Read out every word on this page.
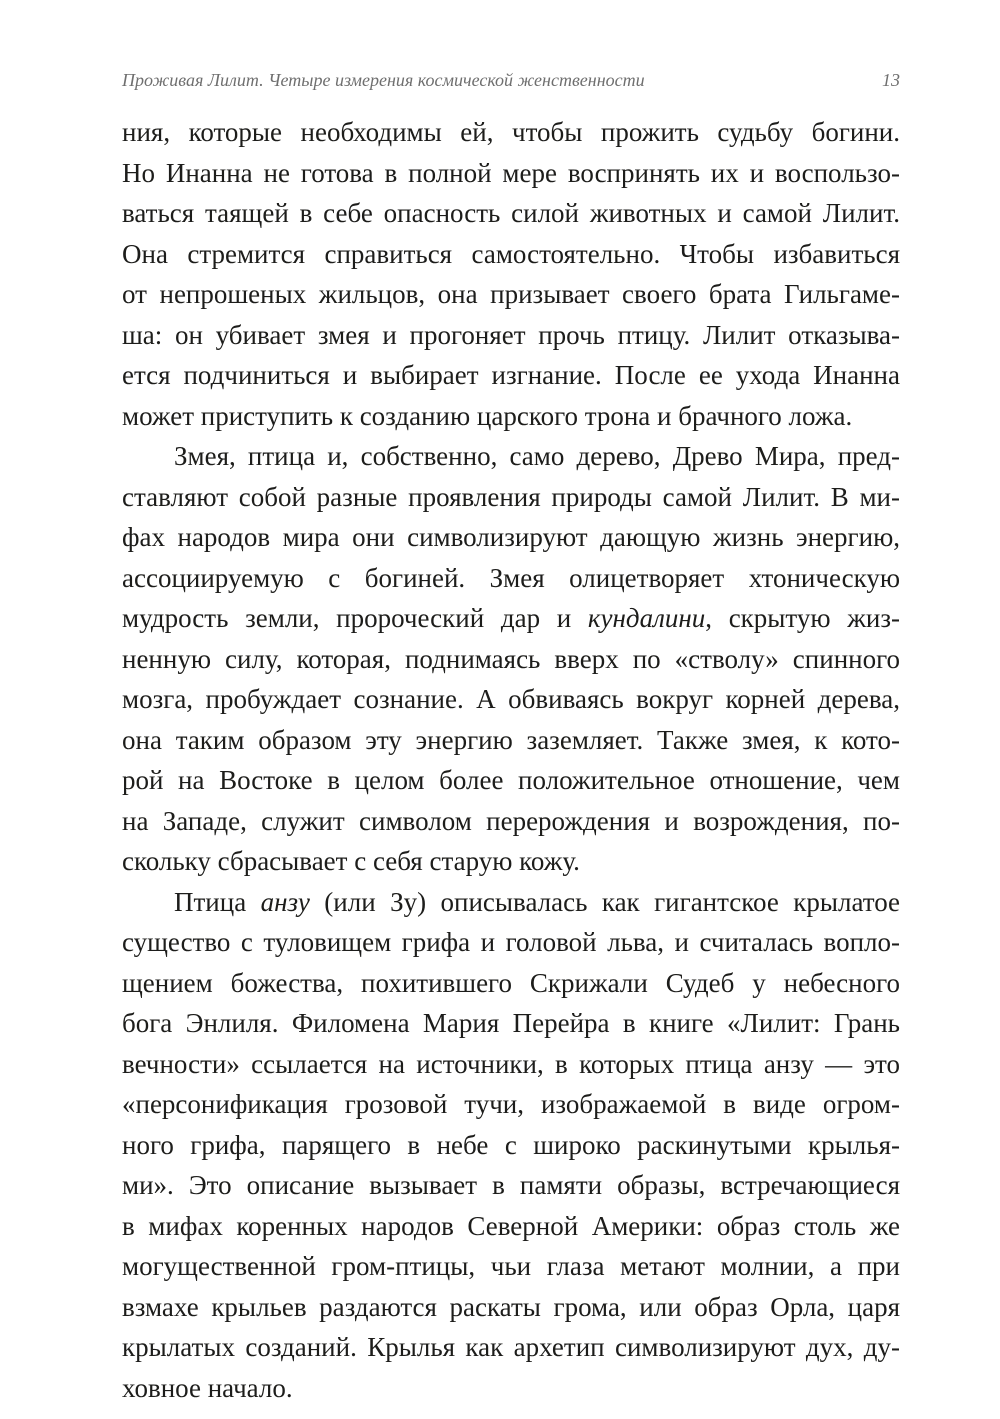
Проживая Лилит. Четыре измерения космической женственности	13
ния, которые необходимы ей, чтобы прожить судьбу богини.
Но Инанна не готова в полной мере воспринять их и воспользо-
ваться таящей в себе опасность силой животных и самой Лилит.
Она стремится справиться самостоятельно. Чтобы избавиться
от непрошеных жильцов, она призывает своего брата Гильгаме-
ша: он убивает змея и прогоняет прочь птицу. Лилит отказыва-
ется подчиниться и выбирает изгнание. После ее ухода Инанна
может приступить к созданию царского трона и брачного ложа.
Змея, птица и, собственно, само дерево, Древо Мира, пред-
ставляют собой разные проявления природы самой Лилит. В ми-
фах народов мира они символизируют дающую жизнь энергию,
ассоциируемую с богиней. Змея олицетворяет хтоническую
мудрость земли, пророческий дар и кундалини, скрытую жиз-
ненную силу, которая, поднимаясь вверх по «стволу» спинного
мозга, пробуждает сознание. А обвиваясь вокруг корней дерева,
она таким образом эту энергию заземляет. Также змея, к кото-
рой на Востоке в целом более положительное отношение, чем
на Западе, служит символом перерождения и возрождения, по-
скольку сбрасывает с себя старую кожу.
Птица анзу (или Зу) описывалась как гигантское крылатое
существо с туловищем грифа и головой льва, и считалась вопло-
щением божества, похитившего Скрижали Судеб у небесного
бога Энлиля. Филомена Мария Перейра в книге «Лилит: Грань
вечности» ссылается на источники, в которых птица анзу — это
«персонификация грозовой тучи, изображаемой в виде огром-
ного грифа, парящего в небе с широко раскинутыми крылья-
ми». Это описание вызывает в памяти образы, встречающиеся
в мифах коренных народов Северной Америки: образ столь же
могущественной гром-птицы, чьи глаза метают молнии, а при
взмахе крыльев раздаются раскаты грома, или образ Орла, царя
крылатых созданий. Крылья как архетип символизируют дух, ду-
ховное начало.
